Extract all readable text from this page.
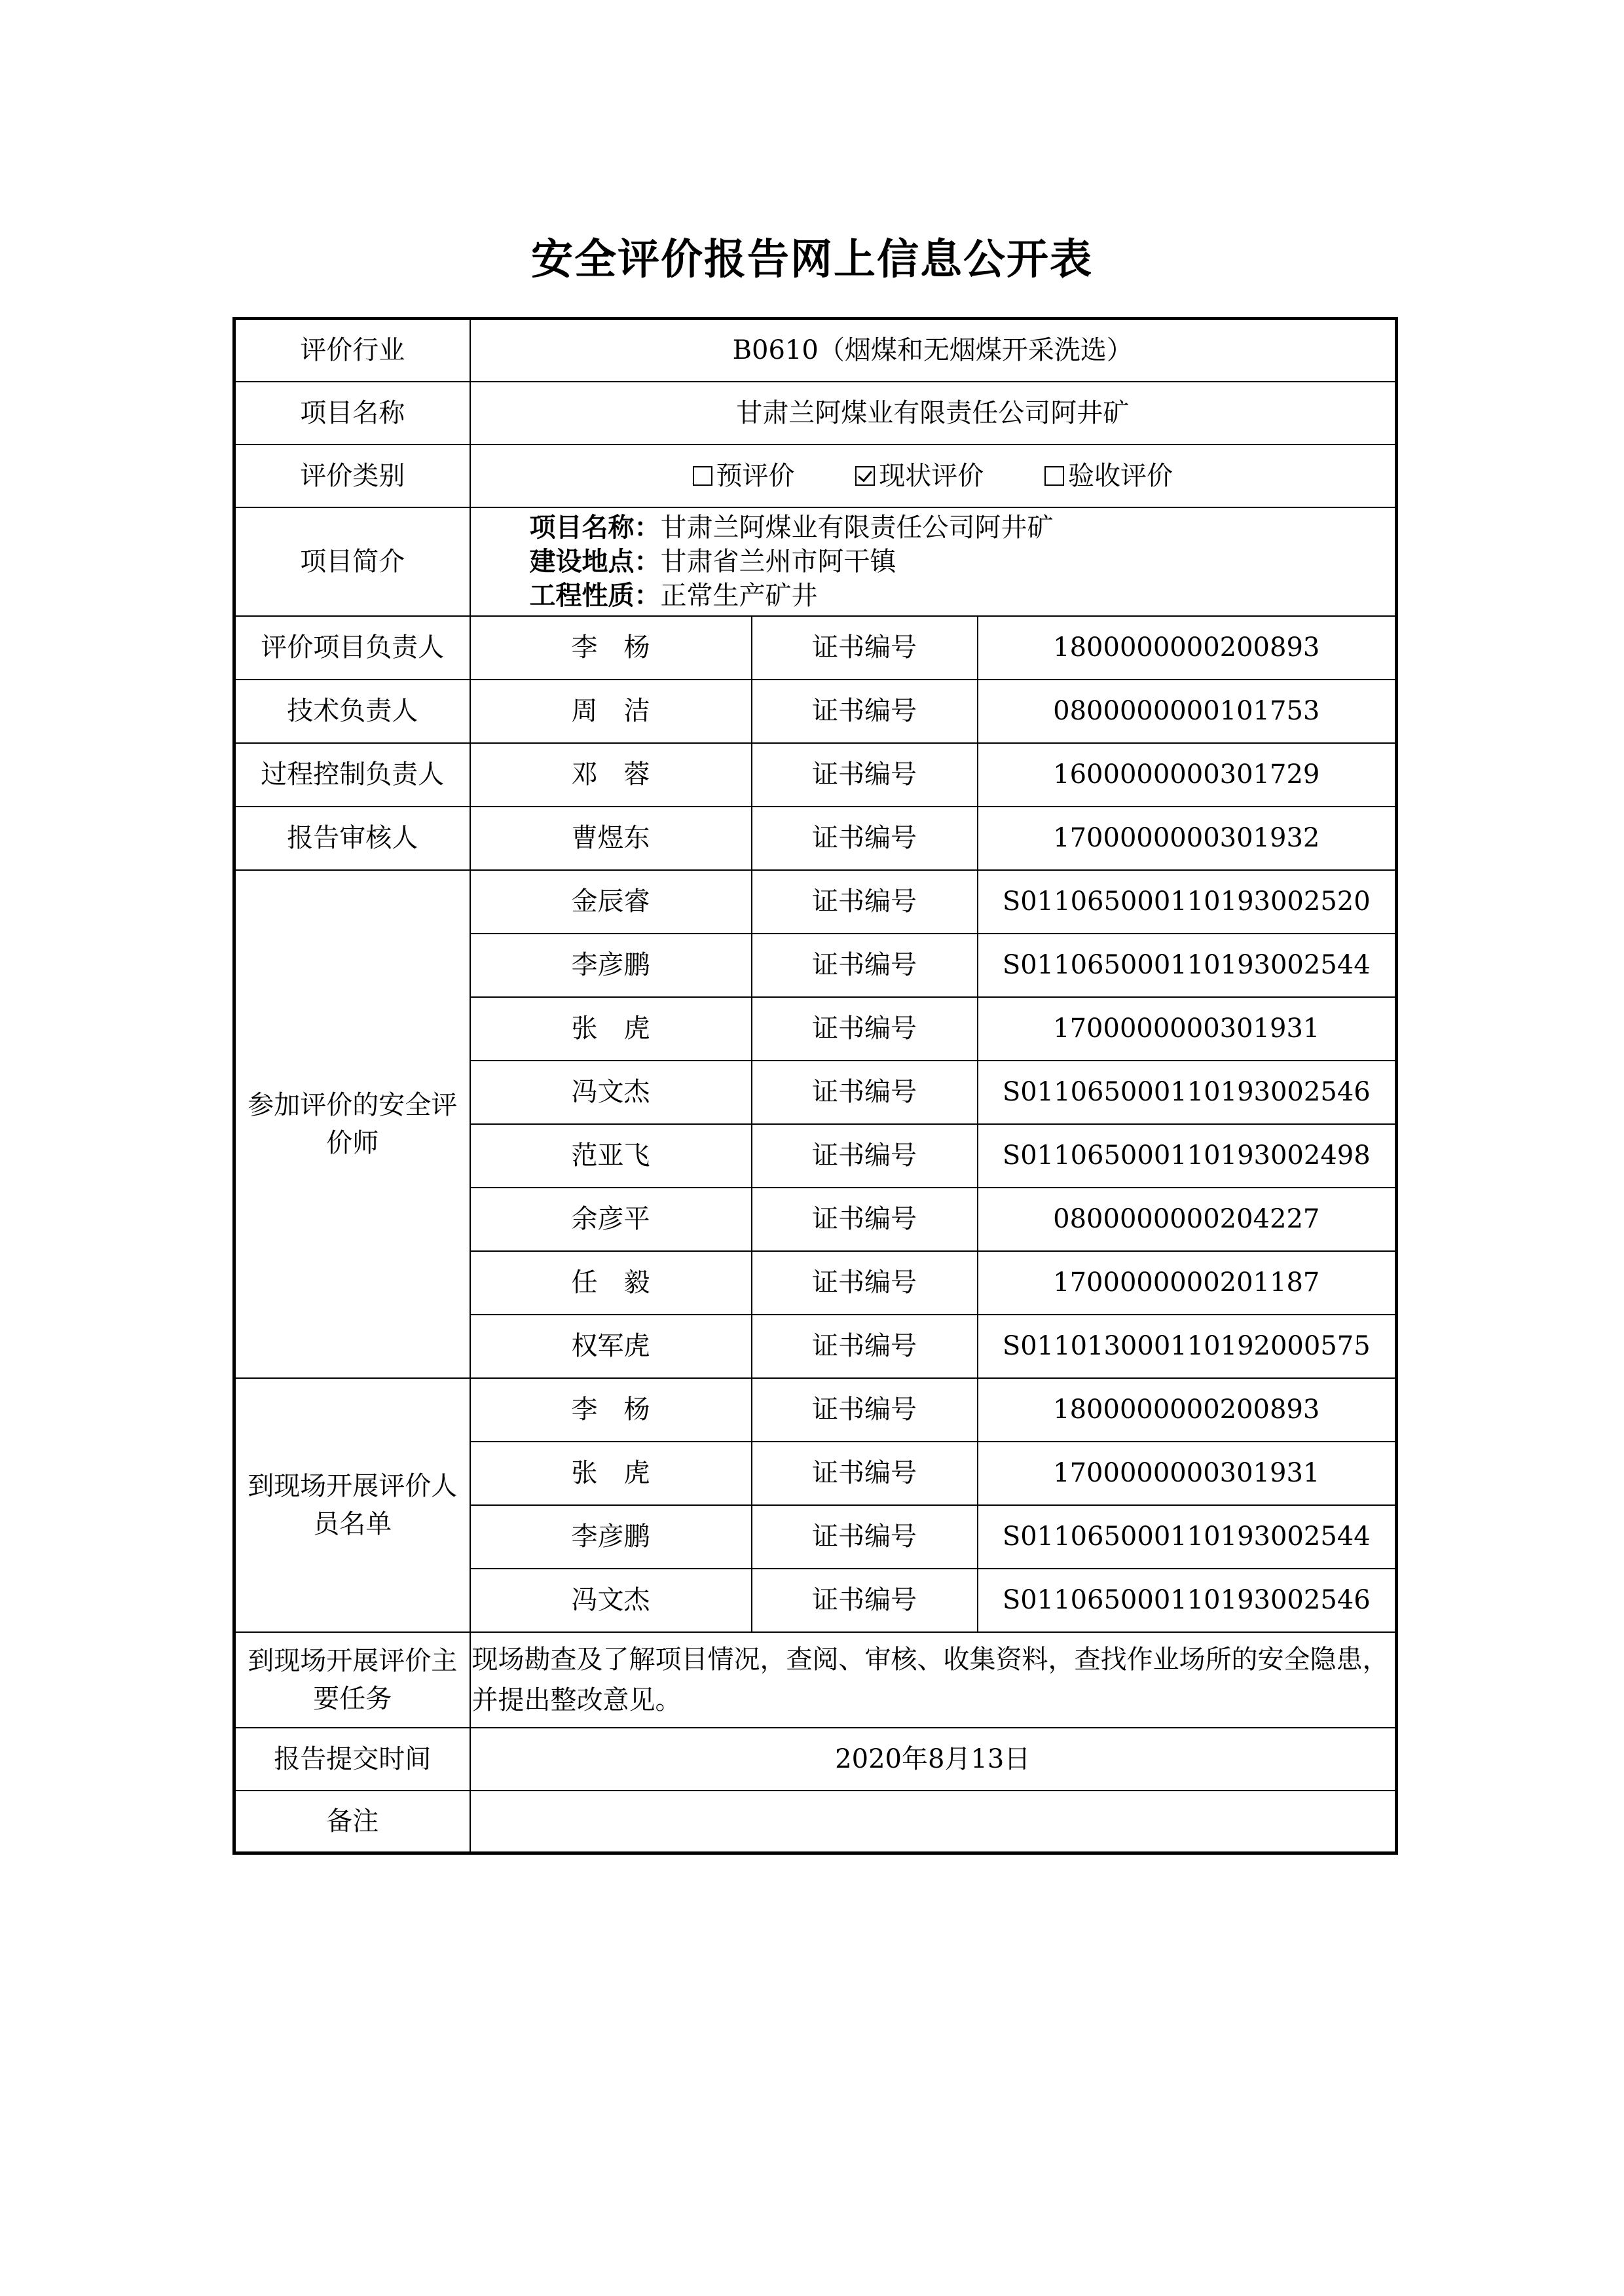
安全评价报告网上信息公开表
评价行业	B0610（烟煤和无烟煤开采洗选）		
项目名称	甘肃兰阿煤业有限责任公司阿井矿		
评价类别	预评价 现状评价 验收评价		
项目简介	项目名称：甘肃兰阿煤业有限责任公司阿井矿
建设地点：甘肃省兰州市阿干镇
工程性质：正常生产矿井		

评价项目负责人	李　杨	证书编号	1800000000200893
技术负责人	周　洁	证书编号	0800000000101753
过程控制负责人	邓　蓉	证书编号	1600000000301729
报告审核人	曹煜东	证书编号	1700000000301932
参加评价的安全评价师	金辰睿	证书编号	S011065000110193002520
	李彦鹏	证书编号	S011065000110193002544
	张　虎	证书编号	1700000000301931
	冯文杰	证书编号	S011065000110193002546
	范亚飞	证书编号	S011065000110193002498
	余彦平	证书编号	0800000000204227
	任　毅	证书编号	1700000000201187
	权军虎	证书编号	S011013000110192000575
到现场开展评价人员名单	李　杨	证书编号	1800000000200893
	张　虎	证书编号	1700000000301931
	李彦鹏	证书编号	S011065000110193002544
	冯文杰	证书编号	S011065000110193002546
到现场开展评价主要任务	现场勘查及了解项目情况，查阅、审核、收集资料，查找作业场所的安全隐患，并提出整改意见。		
报告提交时间	2020年8月13日		
备注			
